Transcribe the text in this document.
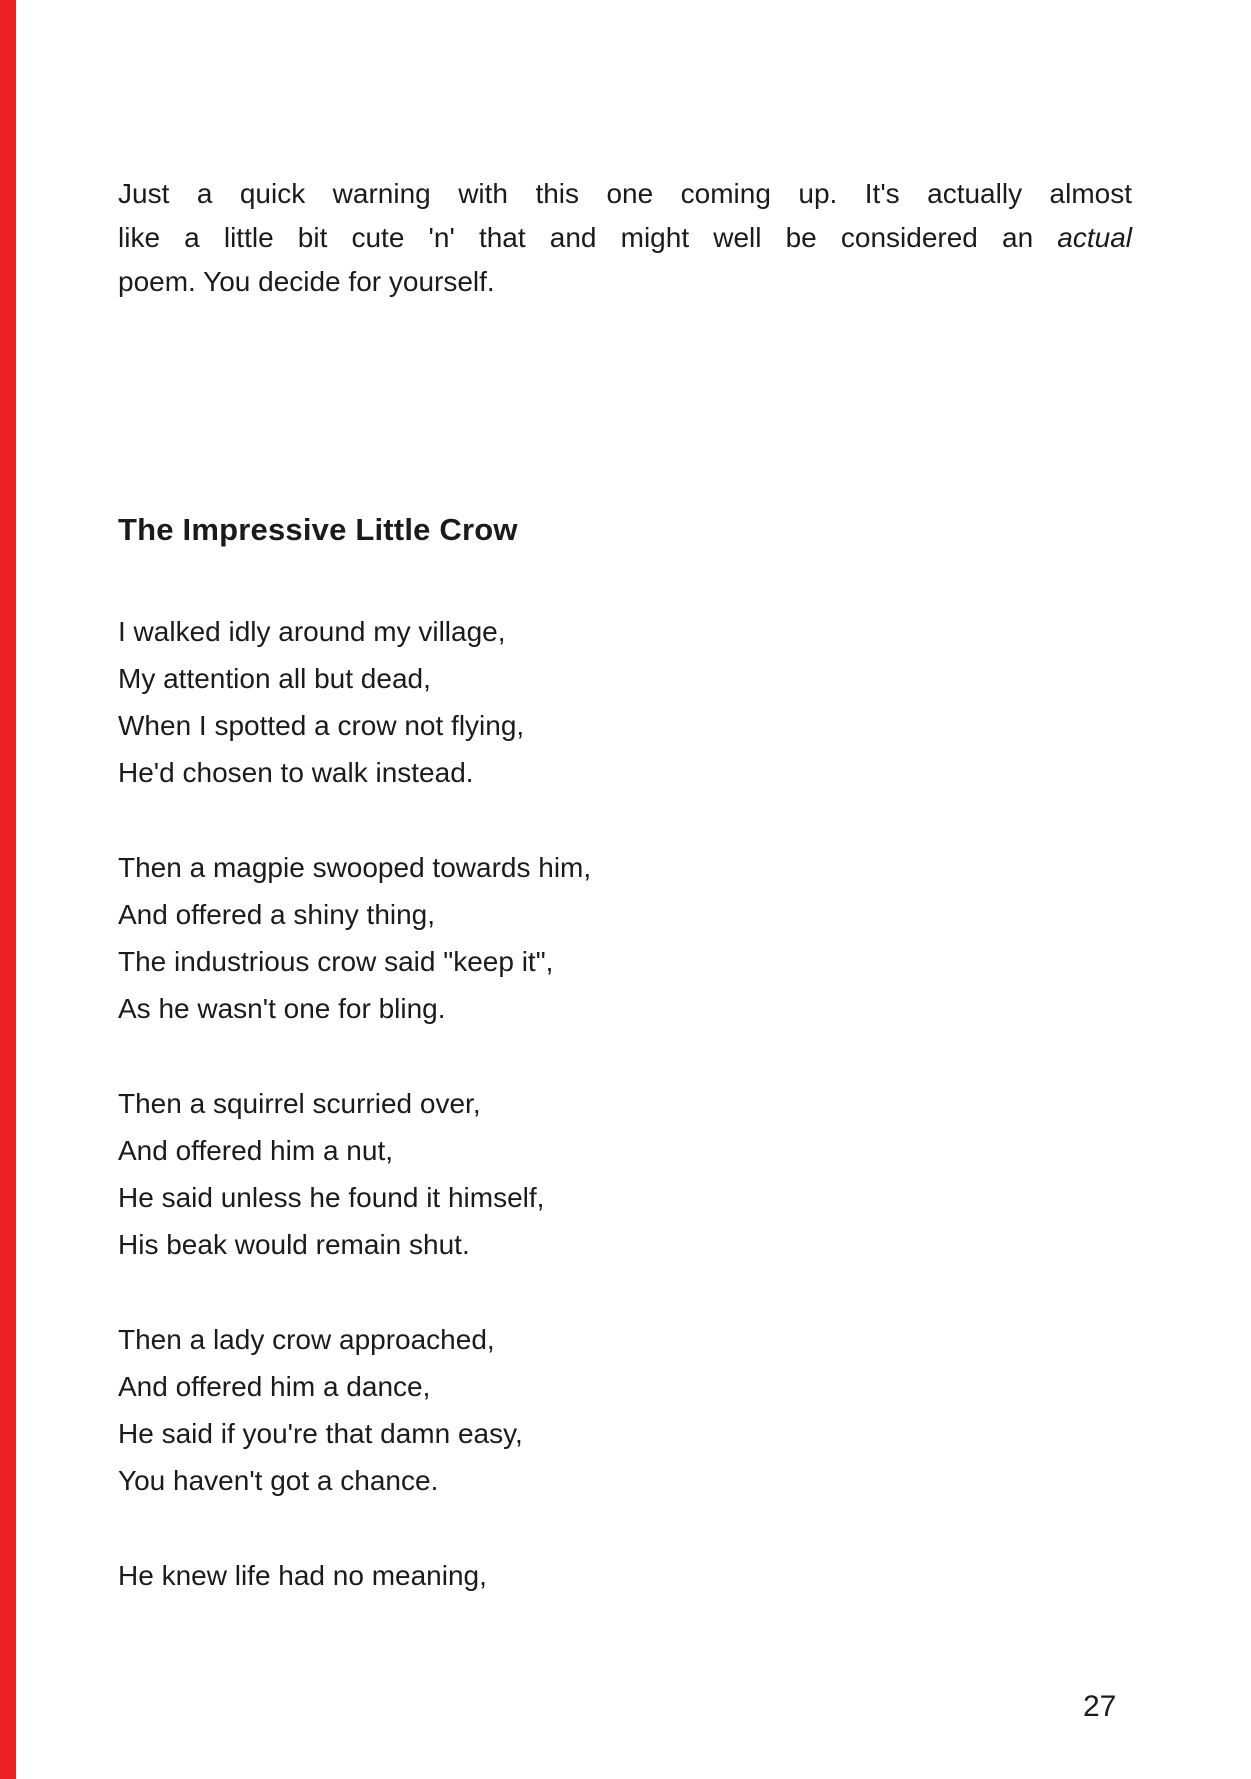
Just a quick warning with this one coming up. It's actually almost
like a little bit cute 'n' that and might well be considered an actual
poem. You decide for yourself.
The Impressive Little Crow
I walked idly around my village,
My attention all but dead,
When I spotted a crow not flying,
He'd chosen to walk instead.
Then a magpie swooped towards him,
And offered a shiny thing,
The industrious crow said "keep it",
As he wasn't one for bling.
Then a squirrel scurried over,
And offered him a nut,
He said unless he found it himself,
His beak would remain shut.
Then a lady crow approached,
And offered him a dance,
He said if you're that damn easy,
You haven't got a chance.
He knew life had no meaning,
27
